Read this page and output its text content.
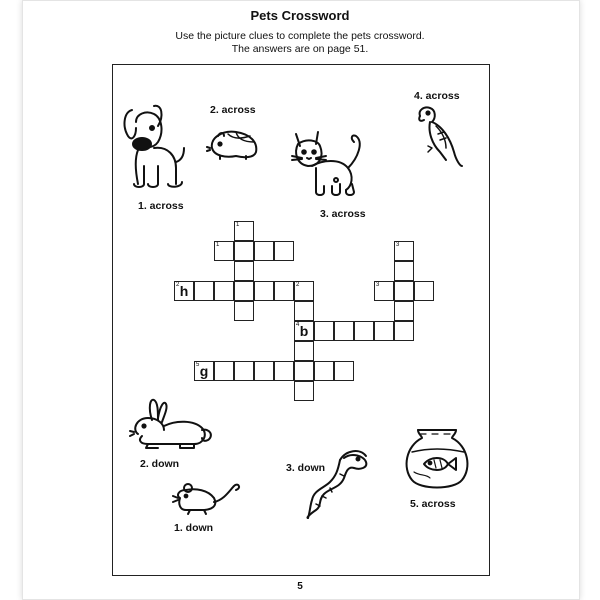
Pets Crossword
Use the picture clues to complete the pets crossword.
The answers are on page 51.
1. across
2. across
3. across
4. across
1
1	3
2 h	2	3
4 b
5 g
2. down	3. down
5. across
1. down
5
